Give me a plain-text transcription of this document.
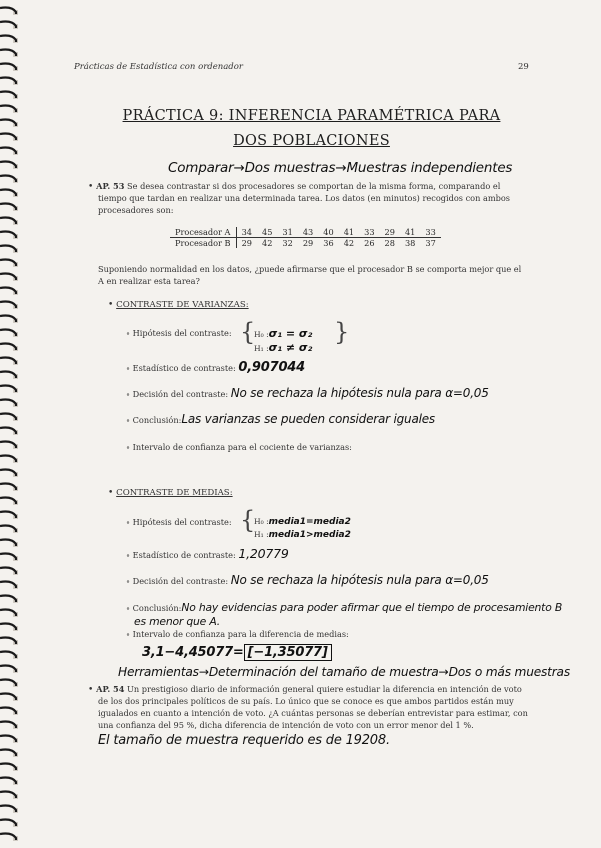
Prácticas de Estadística con ordenador	29
PRÁCTICA 9: INFERENCIA PARAMÉTRICA PARA
DOS POBLACIONES
Comparar→Dos muestras→Muestras independientes
• AP. 53 Se desea contrastar si dos procesadores se comportan de la misma forma, comparando el
tiempo que tardan en realizar una determinada tarea. Los datos (en minutos) recogidos con ambos
procesadores son:
Procesador A	34	45	31	43	40	41	33	29	41	33
Procesador B	29	42	32	29	36	42	26	28	38	37
Suponiendo normalidad en los datos, ¿puede afirmarse que el procesador B se comporta mejor que el
A en realizar esta tarea?
• CONTRASTE DE VARIANZAS:
∘ Hipótesis del contraste: {
H₀ :σ₁ = σ₂
H₁ :σ₁ ≠ σ₂
}
∘ Estadístico de contraste: 0,907044
∘ Decisión del contraste: No se rechaza la hipótesis nula para α=0,05
∘ Conclusión:Las varianzas se pueden considerar iguales
∘ Intervalo de confianza para el cociente de varianzas:
• CONTRASTE DE MEDIAS:
∘ Hipótesis del contraste: {
H₀ :media1=media2
H₁ :media1>media2
∘ Estadístico de contraste: 1,20779
∘ Decisión del contraste: No se rechaza la hipótesis nula para α=0,05
∘ Conclusión:No hay evidencias para poder afirmar que el tiempo de procesamiento B
es menor que A.
∘ Intervalo de confianza para la diferencia de medias:
3,1−4,45077= [−1,35077]
Herramientas→Determinación del tamaño de muestra→Dos o más muestras
• AP. 54 Un prestigioso diario de información general quiere estudiar la diferencia en intención de voto
de los dos principales políticos de su país. Lo único que se conoce es que ambos partidos están muy
igualados en cuanto a intención de voto. ¿A cuántas personas se deberían entrevistar para estimar, con
una confianza del 95 %, dicha diferencia de intención de voto con un error menor del 1 %.
El tamaño de muestra requerido es de 19208.
